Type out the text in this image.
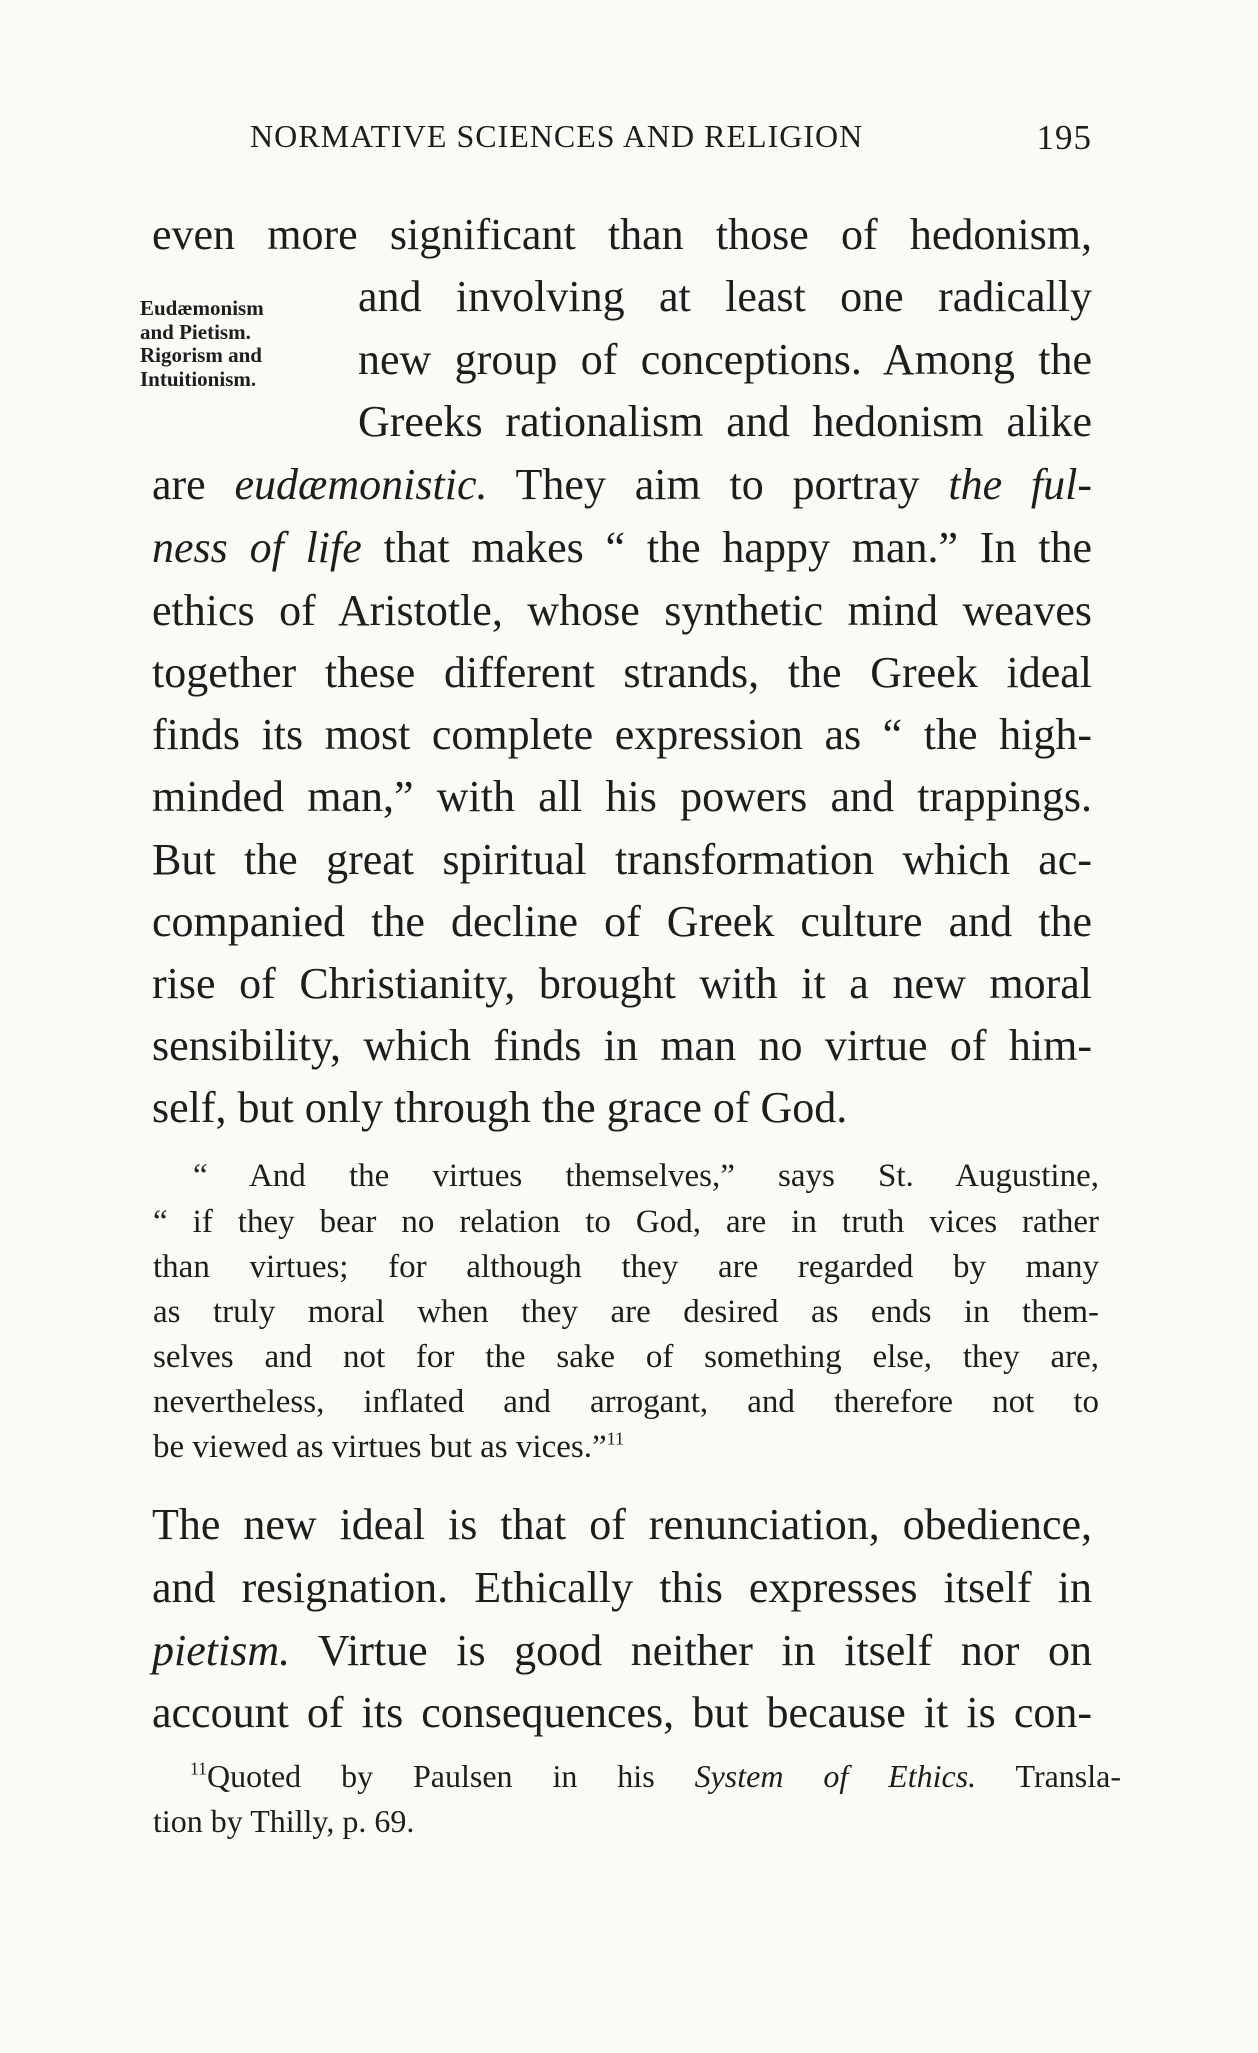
NORMATIVE SCIENCES AND RELIGION	195
Eudæmonism
and Pietism.
Rigorism and
Intuitionism.
even more significant than those of hedonism,
and involving at least one radically
new group of conceptions. Among the
Greeks rationalism and hedonism alike
are eudæmonistic. They aim to portray the ful-
ness of life that makes “ the happy man.” In the
ethics of Aristotle, whose synthetic mind weaves
together these different strands, the Greek ideal
finds its most complete expression as “ the high-
minded man,” with all his powers and trappings.
But the great spiritual transformation which ac-
companied the decline of Greek culture and the
rise of Christianity, brought with it a new moral
sensibility, which finds in man no virtue of him-
self, but only through the grace of God.
“ And the virtues themselves,” says St. Augustine,
“ if they bear no relation to God, are in truth vices rather
than virtues; for although they are regarded by many
as truly moral when they are desired as ends in them-
selves and not for the sake of something else, they are,
nevertheless, inflated and arrogant, and therefore not to
be viewed as virtues but as vices.”$^{11}$
The new ideal is that of renunciation, obedience,
and resignation. Ethically this expresses itself in
pietism. Virtue is good neither in itself nor on
account of its consequences, but because it is con-
$^{11}$Quoted by Paulsen in his System of Ethics. Transla-
tion by Thilly, p. 69.
